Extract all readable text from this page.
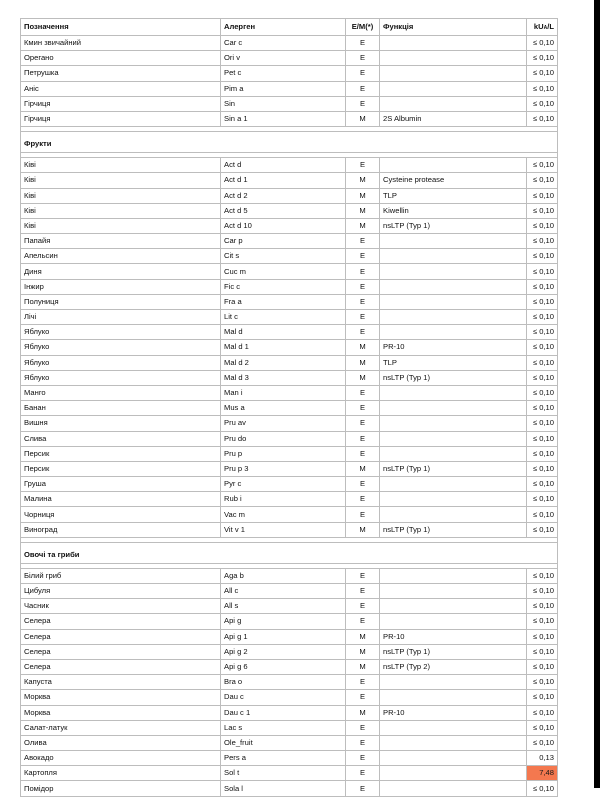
Позначення	Алерген	Е/М(*)	Функція	kUA/L
Кмин звичайний	Car c	E		≤ 0,10
Орегано	Ori v	E		≤ 0,10
Петрушка	Pet c	E		≤ 0,10
Аніс	Pim a	E		≤ 0,10
Гірчиця	Sin	E		≤ 0,10
Гірчиця	Sin a 1	M	2S Albumin	≤ 0,10

Фрукти				

Ківі	Act d	E		≤ 0,10
Ківі	Act d 1	M	Cysteine protease	≤ 0,10
Ківі	Act d 2	M	TLP	≤ 0,10
Ківі	Act d 5	M	Kiwellin	≤ 0,10
Ківі	Act d 10	M	nsLTP (Typ 1)	≤ 0,10
Папайя	Car p	E		≤ 0,10
Апельсин	Cit s	E		≤ 0,10
Диня	Cuc m	E		≤ 0,10
Інжир	Fic c	E		≤ 0,10
Полуниця	Fra a	E		≤ 0,10
Лічі	Lit c	E		≤ 0,10
Яблуко	Mal d	E		≤ 0,10
Яблуко	Mal d 1	M	PR-10	≤ 0,10
Яблуко	Mal d 2	M	TLP	≤ 0,10
Яблуко	Mal d 3	M	nsLTP (Typ 1)	≤ 0,10
Манго	Man i	E		≤ 0,10
Банан	Mus a	E		≤ 0,10
Вишня	Pru av	E		≤ 0,10
Слива	Pru do	E		≤ 0,10
Персик	Pru p	E		≤ 0,10
Персик	Pru p 3	M	nsLTP (Typ 1)	≤ 0,10
Груша	Pyr c	E		≤ 0,10
Малина	Rub i	E		≤ 0,10
Чорниця	Vac m	E		≤ 0,10
Виноград	Vit v 1	M	nsLTP (Typ 1)	≤ 0,10

Овочі та гриби				

Білий гриб	Aga b	E		≤ 0,10
Цибуля	All c	E		≤ 0,10
Часник	All s	E		≤ 0,10
Селера	Api g	E		≤ 0,10
Селера	Api g 1	M	PR-10	≤ 0,10
Селера	Api g 2	M	nsLTP (Typ 1)	≤ 0,10
Селера	Api g 6	M	nsLTP (Typ 2)	≤ 0,10
Капуста	Bra o	E		≤ 0,10
Морква	Dau c	E		≤ 0,10
Морква	Dau c 1	M	PR-10	≤ 0,10
Салат-латук	Lac s	E		≤ 0,10
Олива	Ole_fruit	E		≤ 0,10
Авокадо	Pers a	E		0,13
Картопля	Sol t	E		7,48
Помідор	Sola l	E		≤ 0,10
